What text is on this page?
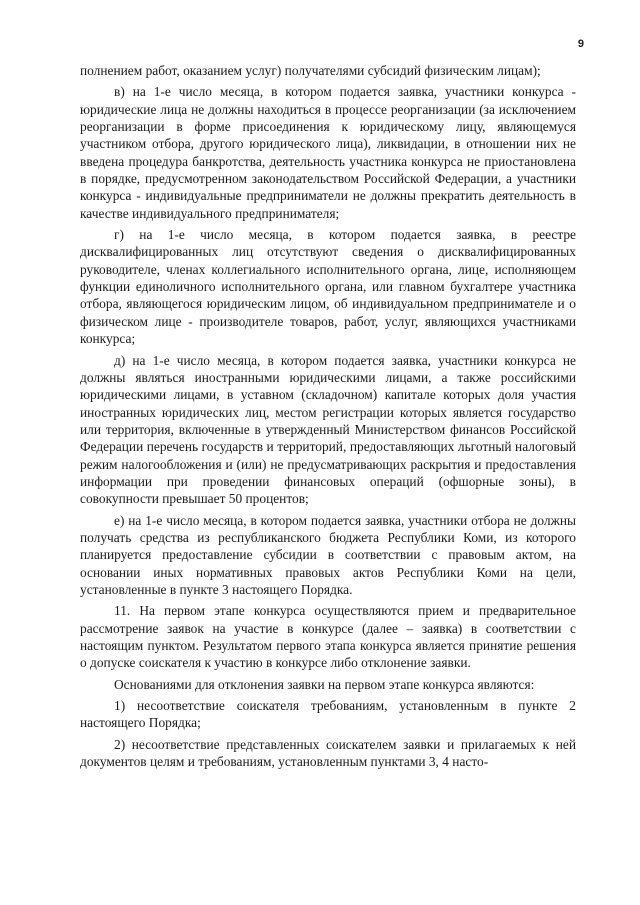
9

полнением работ, оказанием услуг) получателями субсидий физическим лицам);

в) на 1-е число месяца, в котором подается заявка, участники конкурса - юридические лица не должны находиться в процессе реорганизации (за исключением реорганизации в форме присоединения к юридическому лицу, являющемуся участником отбора, другого юридического лица), ликвидации, в отношении них не введена процедура банкротства, деятельность участника конкурса не приостановлена в порядке, предусмотренном законодательством Российской Федерации, а участники конкурса - индивидуальные предприниматели не должны прекратить деятельность в качестве индивидуального предпринимателя;

г) на 1-е число месяца, в котором подается заявка, в реестре дисквалифицированных лиц отсутствуют сведения о дисквалифицированных руководителе, членах коллегиального исполнительного органа, лице, исполняющем функции единоличного исполнительного органа, или главном бухгалтере участника отбора, являющегося юридическим лицом, об индивидуальном предпринимателе и о физическом лице - производителе товаров, работ, услуг, являющихся участниками конкурса;

д) на 1-е число месяца, в котором подается заявка, участники конкурса не должны являться иностранными юридическими лицами, а также российскими юридическими лицами, в уставном (складочном) капитале которых доля участия иностранных юридических лиц, местом регистрации которых является государство или территория, включенные в утвержденный Министерством финансов Российской Федерации перечень государств и территорий, предоставляющих льготный налоговый режим налогообложения и (или) не предусматривающих раскрытия и предоставления информации при проведении финансовых операций (офшорные зоны), в совокупности превышает 50 процентов;

е) на 1-е число месяца, в котором подается заявка, участники отбора не должны получать средства из республиканского бюджета Республики Коми, из которого планируется предоставление субсидии в соответствии с правовым актом, на основании иных нормативных правовых актов Республики Коми на цели, установленные в пункте 3 настоящего Порядка.

11. На первом этапе конкурса осуществляются прием и предварительное рассмотрение заявок на участие в конкурсе (далее – заявка) в соответствии с настоящим пунктом. Результатом первого этапа конкурса является принятие решения о допуске соискателя к участию в конкурсе либо отклонение заявки.

Основаниями для отклонения заявки на первом этапе конкурса являются:

1) несоответствие соискателя требованиям, установленным в пункте 2 настоящего Порядка;

2) несоответствие представленных соискателем заявки и прилагаемых к ней документов целям и требованиям, установленным пунктами 3, 4 насто-
